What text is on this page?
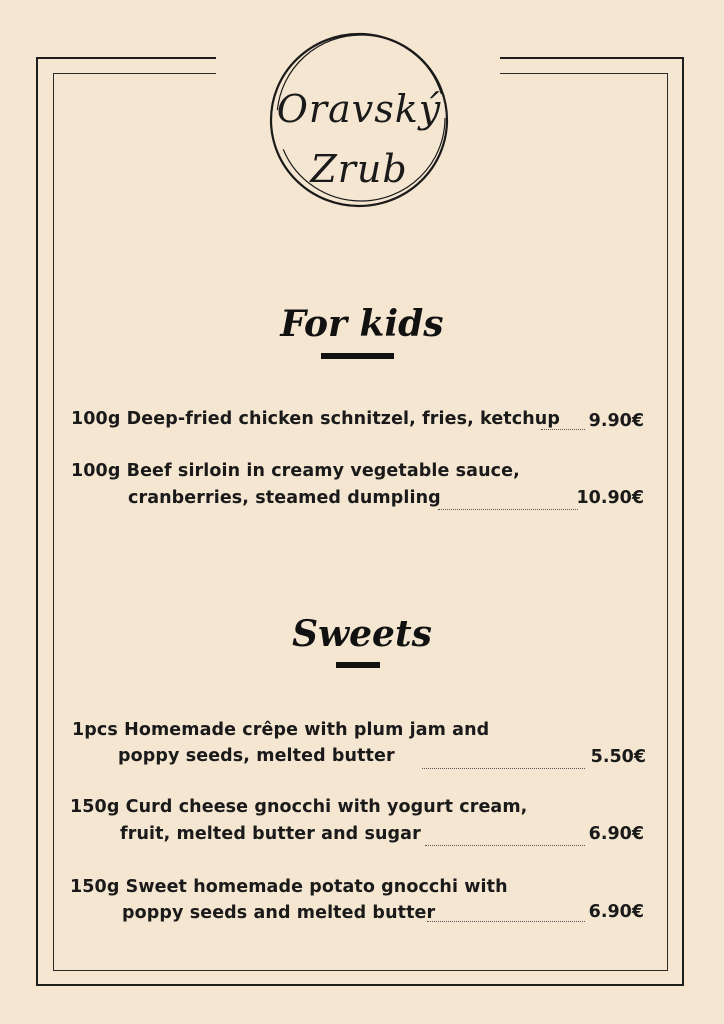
Oravský
Zrub
For kids
100g Deep-fried chicken schnitzel, fries, ketchup 9.90€
100g Beef sirloin in creamy vegetable sauce,
cranberries, steamed dumpling	10.90€
Sweets
1pcs Homemade crêpe with plum jam and
poppy seeds, melted butter	5.50€
150g Curd cheese gnocchi with yogurt cream,
fruit, melted butter and sugar	6.90€
150g Sweet homemade potato gnocchi with
poppy seeds and melted butter	6.90€
